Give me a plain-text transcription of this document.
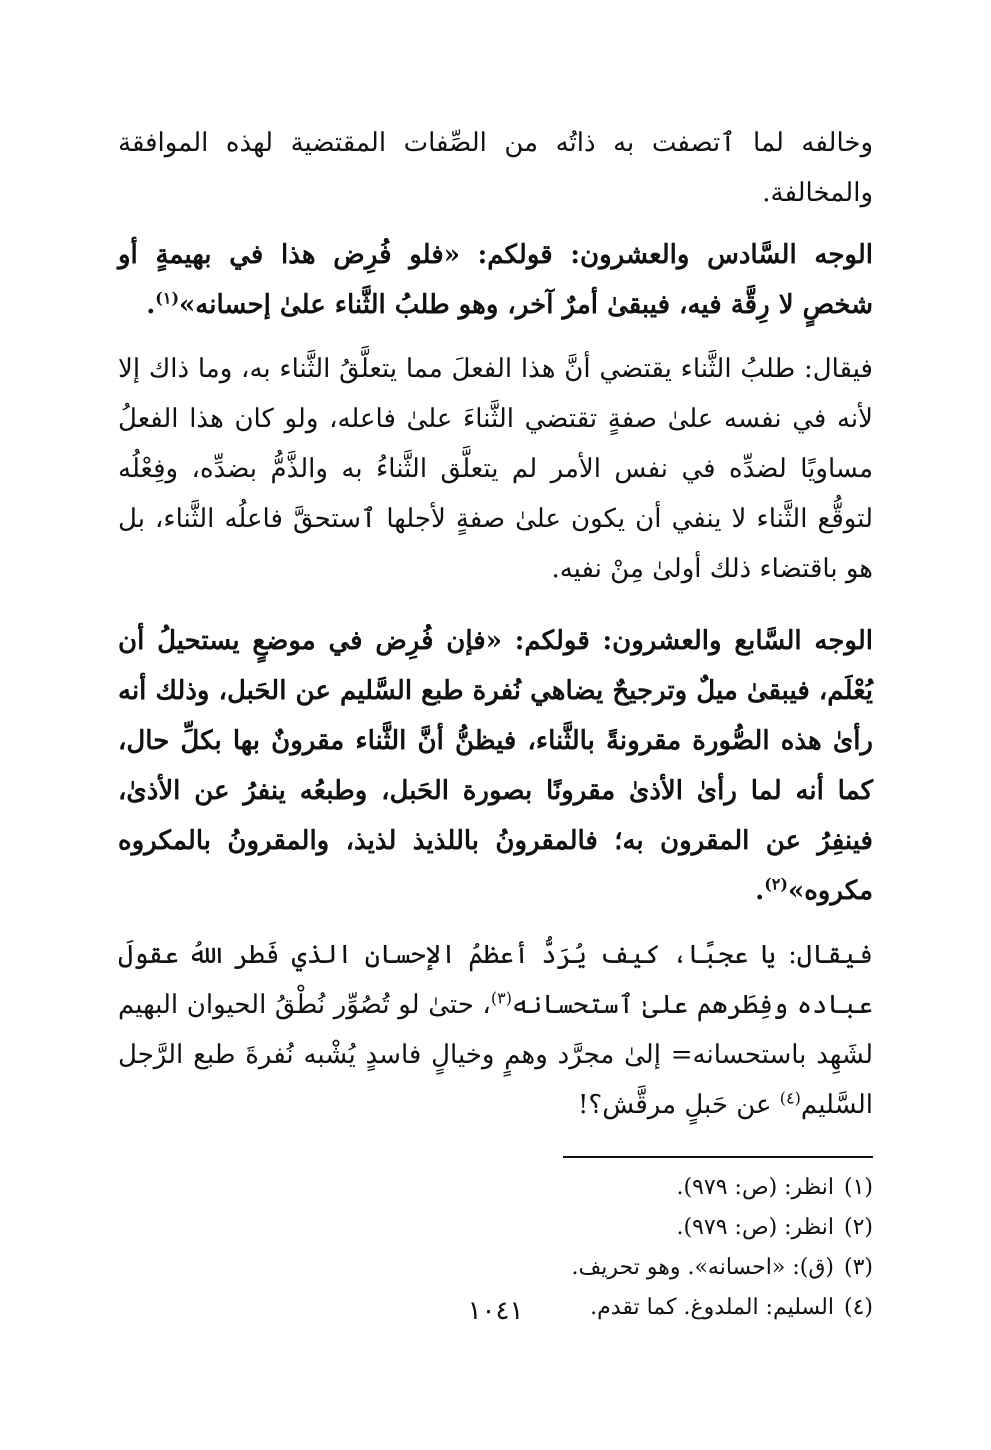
وخالفه لما ٱتصفت به ذاتُه من الصِّفات المقتضية لهذه الموافقة والمخالفة.

الوجه السَّادس والعشرون: قولكم: «فلو فُرِض هذا في بهيمةٍ أو شخصٍ لا رِقَّة فيه، فيبقىٰ أمرٌ آخر، وهو طلبُ الثَّناء علىٰ إحسانه»$^{(١)}$.

فيقال: طلبُ الثَّناء يقتضي أنَّ هذا الفعلَ مما يتعلَّقُ الثَّناء به، وما ذاك إلا لأنه في نفسه علىٰ صفةٍ تقتضي الثَّناءَ علىٰ فاعله، ولو كان هذا الفعلُ مساويًا لضدِّه في نفس الأمر لم يتعلَّق الثَّناءُ به والذَّمُّ بضدِّه، وفِعْلُه لتوقُّع الثَّناء لا ينفي أن يكون علىٰ صفةٍ لأجلها ٱستحقَّ فاعلُه الثَّناء، بل هو باقتضاء ذلك أولىٰ مِنْ نفيه.

الوجه السَّابع والعشرون: قولكم: «فإن فُرِض في موضعٍ يستحيلُ أن يُعْلَم، فيبقىٰ ميلٌ وترجيحٌ يضاهي نُفرة طبع السَّليم عن الحَبل، وذلك أنه رأىٰ هذه الصُّورة مقرونةً بالثَّناء، فيظنُّ أنَّ الثَّناء مقرونٌ بها بكلِّ حال، كما أنه لما رأىٰ الأذىٰ مقرونًا بصورة الحَبل، وطبعُه ينفرُ عن الأذىٰ، فينفِرُ عن المقرون به؛ فالمقرونُ باللذيذ لذيذ، والمقرونُ بالمكروه مكروه»$^{(٢)}$.

فيقال: يا عجبًا، كيف يُرَدُّ أعظمُ الإحسان الذي فَطر اللهُ عقولَ عباده وفِطَرهم علىٰ ٱستحسانه$^{(٣)}$، حتىٰ لو تُصُوِّر نُطْقُ الحيوان البهيم لشَهِد باستحسانه= إلىٰ مجرَّد وهمٍ وخيالٍ فاسدٍ يُشْبه نُفرةَ طبع الرَّجل السَّليم$^{(٤)}$ عن حَبلٍ مرقَّش؟!

(١)انظر: (ص: ٩٧٩).
(٢)انظر: (ص: ٩٧٩).
(٣)(ق): «احسانه». وهو تحريف.
(٤)السليم: الملدوغ. كما تقدم.
١٠٤١
